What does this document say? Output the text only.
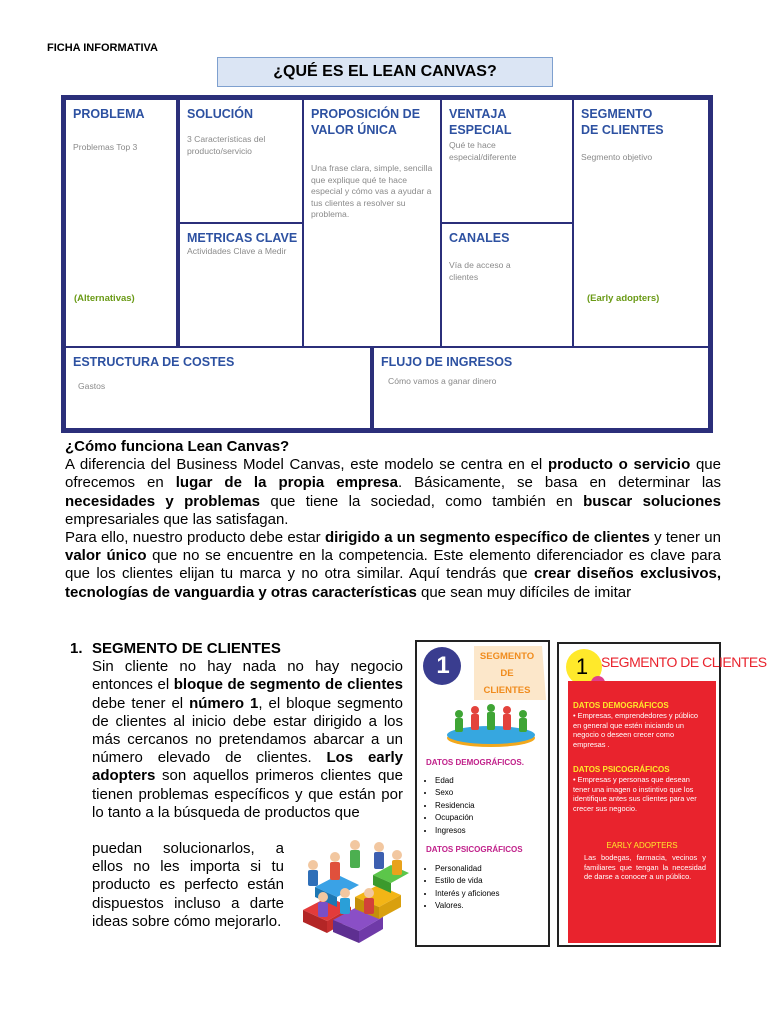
FICHA INFORMATIVA
¿QUÉ ES EL LEAN CANVAS?
PROBLEMA
Problemas Top 3
(Alternativas)
SOLUCIÓN
3 Características del producto/servicio
METRICAS CLAVE
Actividades Clave a Medir
PROPOSICIÓN DE VALOR ÚNICA
Una frase clara, simple, sencilla que explique qué te hace especial y cómo vas a ayudar a tus clientes a resolver su problema.
VENTAJA ESPECIAL
Qué te hace especial/diferente
CANALES
Vía de acceso a clientes
SEGMENTO DE CLIENTES
Segmento objetivo
(Early adopters)
ESTRUCTURA DE COSTES
Gastos
FLUJO DE INGRESOS
Cómo vamos a ganar dinero
¿Cómo funciona Lean Canvas?

A diferencia del Business Model Canvas, este modelo se centra en el producto o servicio que ofrecemos en lugar de la propia empresa. Básicamente, se basa en determinar las necesidades y problemas que tiene la sociedad, como también en buscar soluciones empresariales que las satisfagan.

Para ello, nuestro producto debe estar dirigido a un segmento específico de clientes y tener un valor único que no se encuentre en la competencia. Este elemento diferenciador es clave para que los clientes elijan tu marca y no otra similar. Aquí tendrás que crear diseños exclusivos, tecnologías de vanguardia y otras características que sean muy difíciles de imitar

1. SEGMENTO DE CLIENTES

Sin cliente no hay nada no hay negocio entonces el bloque de segmento de clientes debe tener el número 1, el bloque segmento de clientes al inicio debe estar dirigido a los más cercanos no pretendamos abarcar a un número elevado de clientes. Los early adopters son aquellos primeros clientes que tienen problemas específicos y que están por lo tanto a la búsqueda de productos que

puedan solucionarlos, a ellos no les importa si tu producto es perfecto están dispuestos incluso a darte ideas sobre cómo mejorarlo.

1	SEGMENTO
DE
CLIENTES
DATOS DEMOGRÁFICOS.
• Edad
• Sexo
• Residencia
• Ocupación
• Ingresos
DATOS PSICOGRÁFICOS
• Personalidad
• Estilo de vida
• Interés y aficiones
• Valores.
1 SEGMENTO DE CLIENTES
DATOS DEMOGRÁFICOS
• Empresas, emprendedores y público en general que estén iniciando un negocio o deseen crecer como empresas .
DATOS PSICOGRÁFICOS
• Empresas y personas que desean tener una imagen o instintivo que los identifique antes sus clientes para ver crecer sus negocio.
EARLY ADOPTERS
Las bodegas, farmacia, vecinos y familiares que tengan la necesidad de darse a conocer a un público.
